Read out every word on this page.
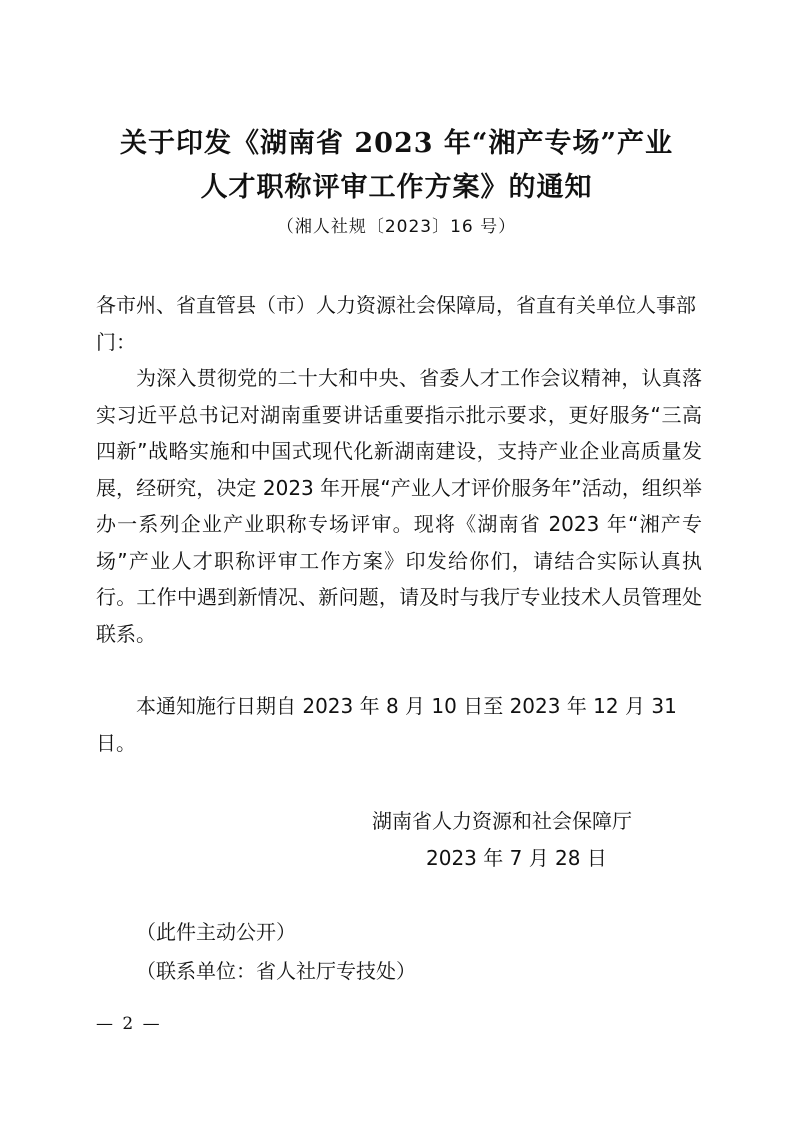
关于印发《湖南省 2023 年“湘产专场”产业
人才职称评审工作方案》的通知
（湘人社规〔2023〕16 号）
各市州、省直管县（市）人力资源社会保障局，省直有关单位人事部门：
为深入贯彻党的二十大和中央、省委人才工作会议精神，认真落实习近平总书记对湖南重要讲话重要指示批示要求，更好服务“三高四新”战略实施和中国式现代化新湖南建设，支持产业企业高质量发展，经研究，决定 2023 年开展“产业人才评价服务年”活动，组织举办一系列企业产业职称专场评审。现将《湖南省 2023 年“湘产专场”产业人才职称评审工作方案》印发给你们，请结合实际认真执行。工作中遇到新情况、新问题，请及时与我厅专业技术人员管理处联系。
本通知施行日期自 2023 年 8 月 10 日至 2023 年 12 月 31 日。
湖南省人力资源和社会保障厅
2023 年 7 月 28 日
（此件主动公开）
（联系单位：省人社厅专技处）
— 2 —
